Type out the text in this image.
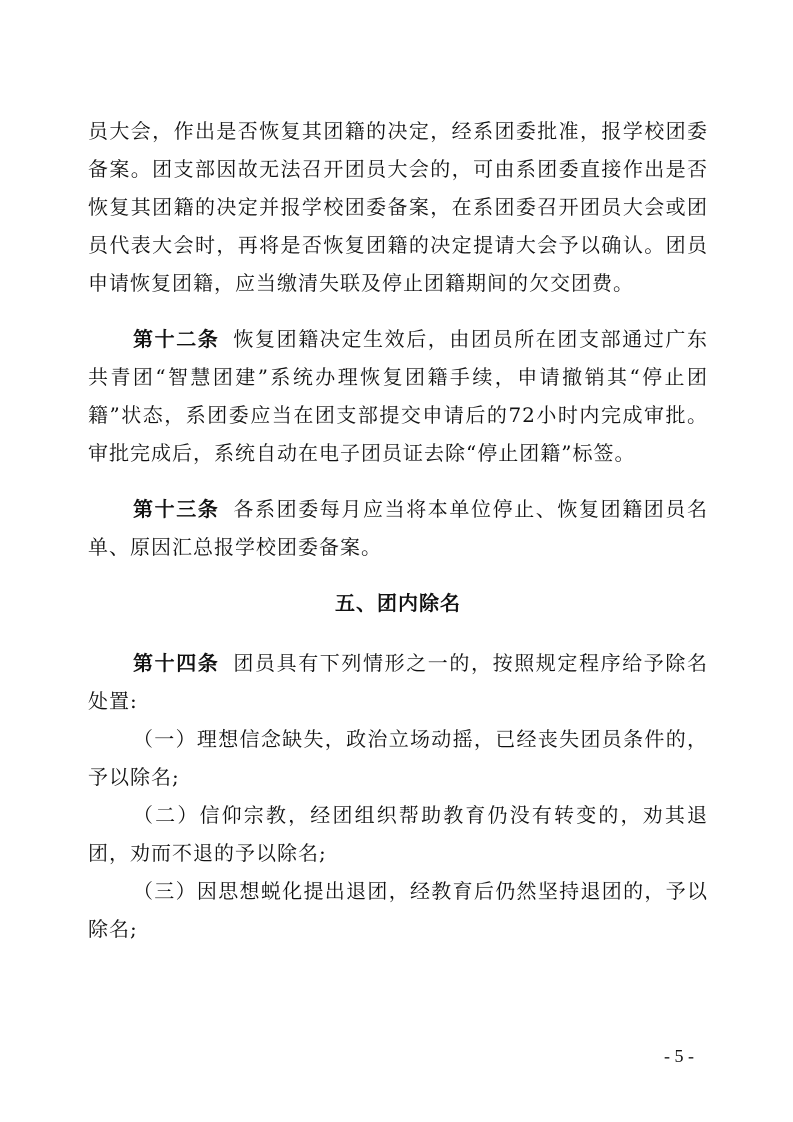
员大会，作出是否恢复其团籍的决定，经系团委批准，报学校团委备案。团支部因故无法召开团员大会的，可由系团委直接作出是否恢复其团籍的决定并报学校团委备案，在系团委召开团员大会或团员代表大会时，再将是否恢复团籍的决定提请大会予以确认。团员申请恢复团籍，应当缴清失联及停止团籍期间的欠交团费。

第十二条 恢复团籍决定生效后，由团员所在团支部通过广东共青团“智慧团建”系统办理恢复团籍手续，申请撤销其“停止团籍”状态，系团委应当在团支部提交申请后的72小时内完成审批。审批完成后，系统自动在电子团员证去除“停止团籍”标签。

第十三条 各系团委每月应当将本单位停止、恢复团籍团员名单、原因汇总报学校团委备案。

五、团内除名

第十四条 团员具有下列情形之一的，按照规定程序给予除名处置:

（一）理想信念缺失，政治立场动摇，已经丧失团员条件的，予以除名;

（二）信仰宗教，经团组织帮助教育仍没有转变的，劝其退团，劝而不退的予以除名;

（三）因思想蜕化提出退团，经教育后仍然坚持退团的，予以除名;

- 5 -
